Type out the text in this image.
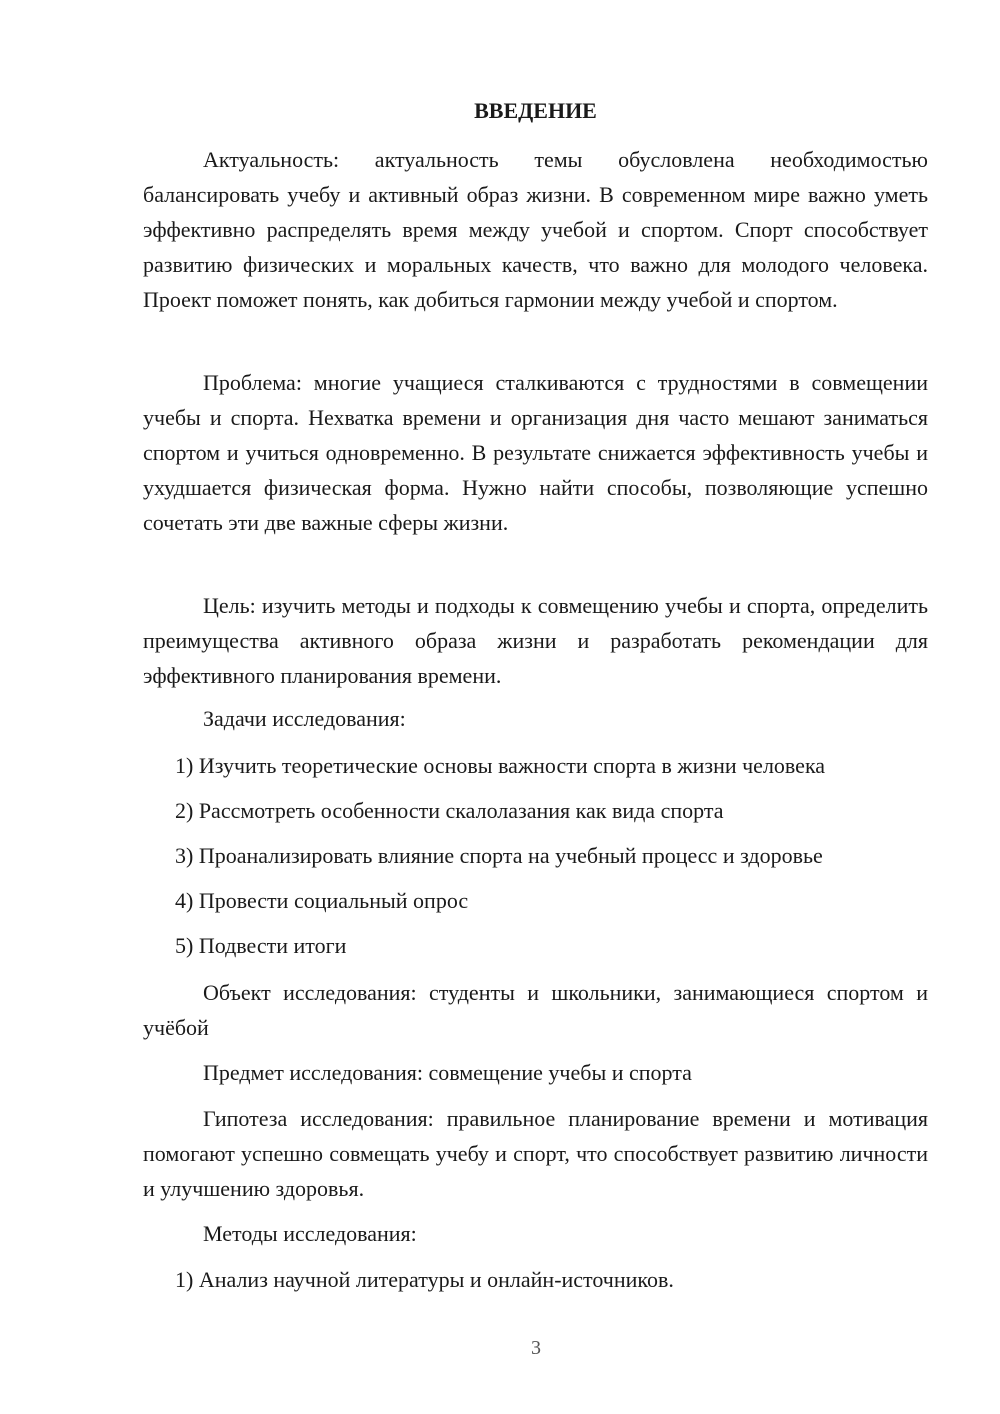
ВВЕДЕНИЕ

Актуальность: актуальность темы обусловлена необходимостью балансировать учебу и активный образ жизни. В современном мире важно уметь эффективно распределять время между учебой и спортом. Спорт способствует развитию физических и моральных качеств, что важно для молодого человека. Проект поможет понять, как добиться гармонии между учебой и спортом.

Проблема: многие учащиеся сталкиваются с трудностями в совмещении учебы и спорта. Нехватка времени и организация дня часто мешают заниматься спортом и учиться одновременно. В результате снижается эффективность учебы и ухудшается физическая форма. Нужно найти способы, позволяющие успешно сочетать эти две важные сферы жизни.

Цель: изучить методы и подходы к совмещению учебы и спорта, определить преимущества активного образа жизни и разработать рекомендации для эффективного планирования времени.

Задачи исследования:
1) Изучить теоретические основы важности спорта в жизни человека
2) Рассмотреть особенности скалолазания как вида спорта
3) Проанализировать влияние спорта на учебный процесс и здоровье
4) Провести социальный опрос
5) Подвести итоги

Объект исследования: студенты и школьники, занимающиеся спортом и учёбой

Предмет исследования: совмещение учебы и спорта

Гипотеза исследования: правильное планирование времени и мотивация помогают успешно совмещать учебу и спорт, что способствует развитию личности и улучшению здоровья.

Методы исследования:
1) Анализ научной литературы и онлайн-источников.
3
